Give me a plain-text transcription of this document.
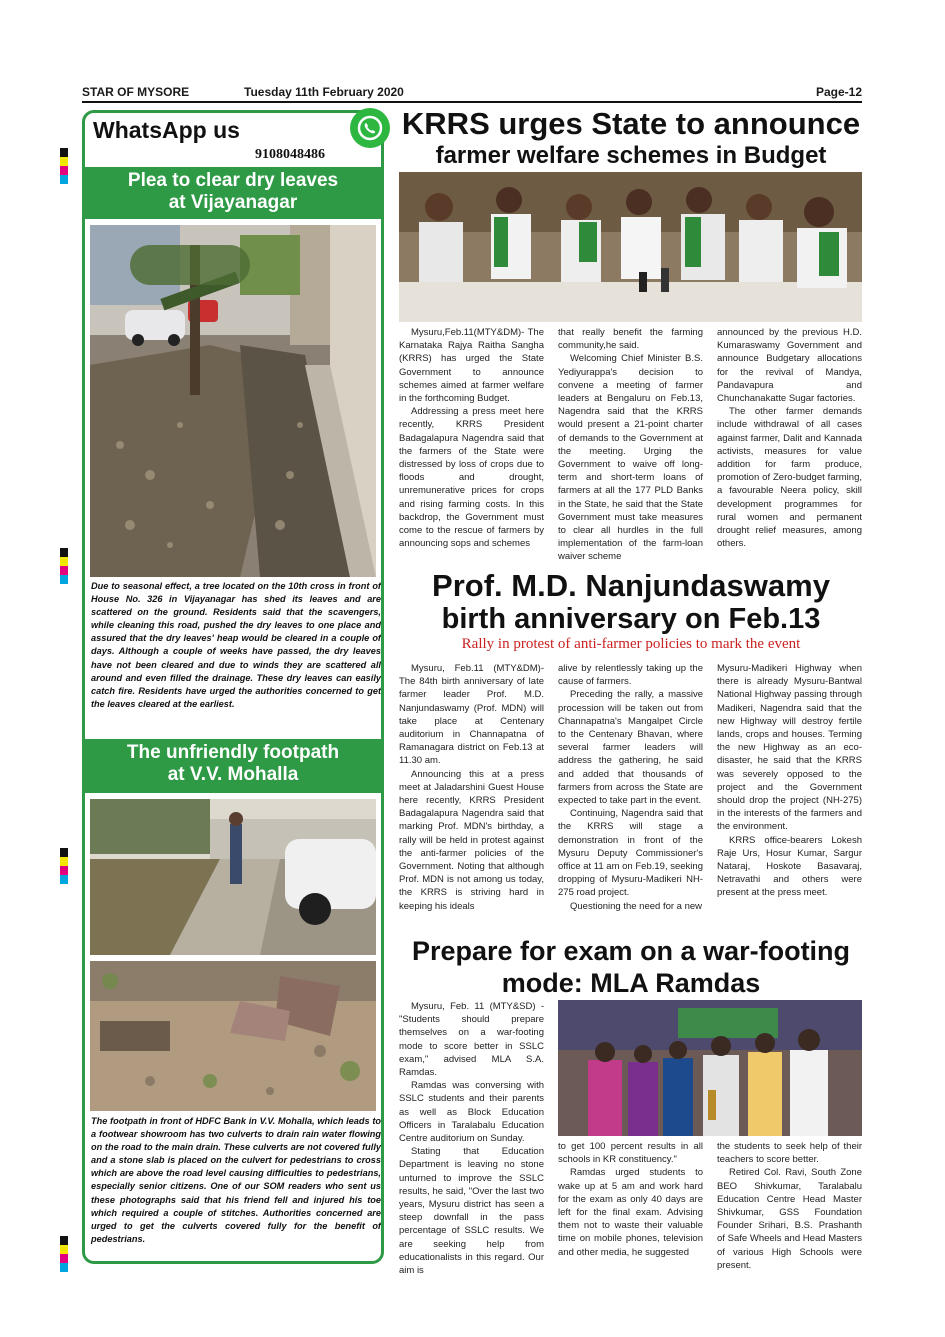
STAR OF MYSORE	Tuesday 11th February 2020	Page-12
WhatsApp us
9108048486
Plea to clear dry leaves
at Vijayanagar
Due to seasonal effect, a tree located on the 10th cross in front of House No. 326 in Vijayanagar has shed its leaves and are scattered on the ground. Residents said that the scavengers, while cleaning this road, pushed the dry leaves to one place and assured that the dry leaves' heap would be cleared in a couple of days. Although a couple of weeks have passed, the dry leaves have not been cleared and due to winds they are scattered all around and even filled the drainage. These dry leaves can easily catch fire. Residents have urged the authorities concerned to get the leaves cleared at the earliest.
The unfriendly footpath
at V.V. Mohalla
The footpath in front of HDFC Bank in V.V. Mohalla, which leads to a footwear showroom has two culverts to drain rain water flowing on the road to the main drain. These culverts are not covered fully and a stone slab is placed on the culvert for pedestrians to cross which are above the road level causing difficulties to pedestrians, especially senior citizens. One of our SOM readers who sent us these photographs said that his friend fell and injured his toe which required a couple of stitches. Authorities concerned are urged to get the culverts covered fully for the benefit of pedestrians.
KRRS urges State to announce
farmer welfare schemes in Budget

Mysuru,Feb.11(MTY&DM)- The Karnataka Rajya Raitha Sangha (KRRS) has urged the State Government to announce schemes aimed at farmer welfare in the forthcoming Budget.

Addressing a press meet here recently, KRRS President Badagalapura Nagendra said that the farmers of the State were distressed by loss of crops due to floods and drought, unremunerative prices for crops and rising farming costs. In this backdrop, the Government must come to the rescue of farmers by announcing sops and schemes

that really benefit the farming community,he said.

Welcoming Chief Minister B.S. Yediyurappa's decision to convene a meeting of farmer leaders at Bengaluru on Feb.13, Nagendra said that the KRRS would present a 21-point charter of demands to the Government at the meeting. Urging the Government to waive off long-term and short-term loans of farmers at all the 177 PLD Banks in the State, he said that the State Government must take measures to clear all hurdles in the full implementation of the farm-loan waiver scheme

announced by the previous H.D. Kumaraswamy Government and announce Budgetary allocations for the revival of Mandya, Pandavapura and Chunchanakatte Sugar factories.

The other farmer demands include withdrawal of all cases against farmer, Dalit and Kannada activists, measures for value addition for farm produce, promotion of Zero-budget farming, a favourable Neera policy, skill development programmes for rural women and permanent drought relief measures, among others.

Prof. M.D. Nanjundaswamy
birth anniversary on Feb.13
Rally in protest of anti-farmer policies to mark the event

Mysuru, Feb.11 (MTY&DM)- The 84th birth anniversary of late farmer leader Prof. M.D. Nanjundaswamy (Prof. MDN) will take place at Centenary auditorium in Channapatna of Ramanagara district on Feb.13 at 11.30 am.

Announcing this at a press meet at Jaladarshini Guest House here recently, KRRS President Badagalapura Nagendra said that marking Prof. MDN's birthday, a rally will be held in protest against the anti-farmer policies of the Government. Noting that although Prof. MDN is not among us today, the KRRS is striving hard in keeping his ideals

alive by relentlessly taking up the cause of farmers.

Preceding the rally, a massive procession will be taken out from Channapatna's Mangalpet Circle to the Centenary Bhavan, where several farmer leaders will address the gathering, he said and added that thousands of farmers from across the State are expected to take part in the event.

Continuing, Nagendra said that the KRRS will stage a demonstration in front of the Mysuru Deputy Commissioner's office at 11 am on Feb.19, seeking dropping of Mysuru-Madikeri NH-275 road project.

Questioning the need for a new

Mysuru-Madikeri Highway when there is already Mysuru-Bantwal National Highway passing through Madikeri, Nagendra said that the new Highway will destroy fertile lands, crops and houses. Terming the new Highway as an eco-disaster, he said that the KRRS was severely opposed to the project and the Government should drop the project (NH-275) in the interests of the farmers and the environment.

KRRS office-bearers Lokesh Raje Urs, Hosur Kumar, Sargur Nataraj, Hoskote Basavaraj, Netravathi and others were present at the press meet.

Prepare for exam on a war-footing
mode: MLA Ramdas

Mysuru, Feb. 11 (MTY&SD) - "Students should prepare themselves on a war-footing mode to score better in SSLC exam," advised MLA S.A. Ramdas.

Ramdas was conversing with SSLC students and their parents as well as Block Education Officers in Taralabalu Education Centre auditorium on Sunday.

Stating that Education Department is leaving no stone unturned to improve the SSLC results, he said, "Over the last two years, Mysuru district has seen a steep downfall in the pass percentage of SSLC results. We are seeking help from educationalists in this regard. Our aim is

to get 100 percent results in all schools in KR constituency."

Ramdas urged students to wake up at 5 am and work hard for the exam as only 40 days are left for the final exam. Advising them not to waste their valuable time on mobile phones, television and other media, he suggested

the students to seek help of their teachers to score better.

Retired Col. Ravi, South Zone BEO Shivkumar, Taralabalu Education Centre Head Master Shivkumar, GSS Foundation Founder Srihari, B.S. Prashanth of Safe Wheels and Head Masters of various High Schools were present.
